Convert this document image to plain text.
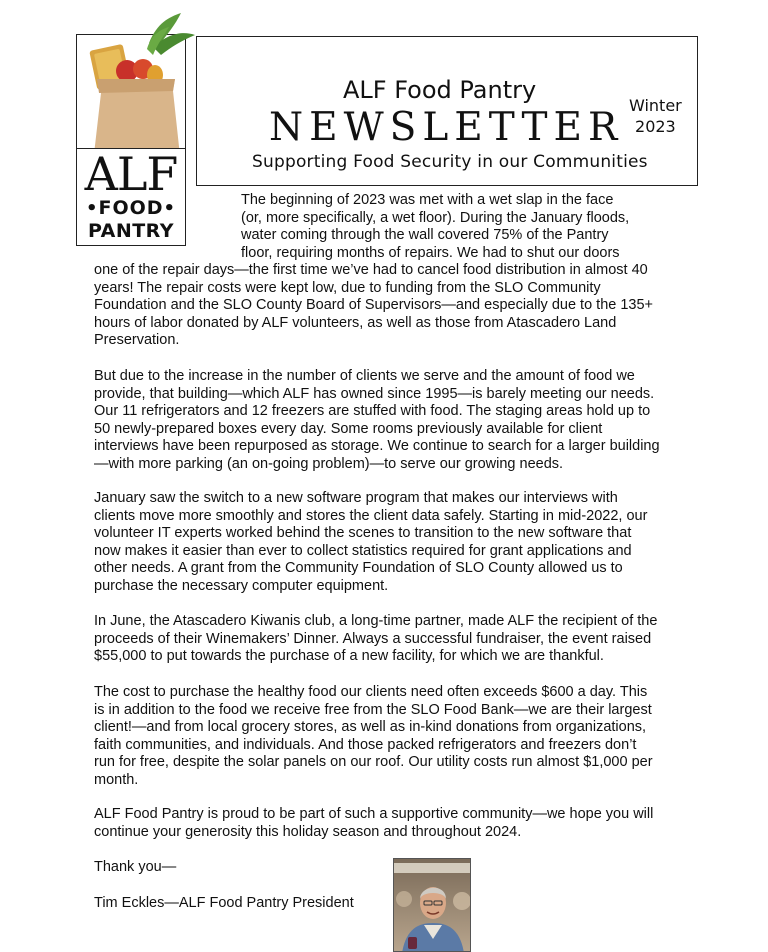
ALF
•FOOD•
PANTRY
ALF Food Pantry
NEWSLETTER Winter
2023
Supporting Food Security in our Communities
The beginning of 2023 was met with a wet slap in the face
(or, more specifically, a wet floor). During the January floods,
water coming through the wall covered 75% of the Pantry
floor, requiring months of repairs. We had to shut our doors
one of the repair days—the first time we’ve had to cancel food distribution in almost 40
years! The repair costs were kept low, due to funding from the SLO Community
Foundation and the SLO County Board of Supervisors—and especially due to the 135+
hours of labor donated by ALF volunteers, as well as those from Atascadero Land
Preservation.
But due to the increase in the number of clients we serve and the amount of food we
provide, that building—which ALF has owned since 1995—is barely meeting our needs.
Our 11 refrigerators and 12 freezers are stuffed with food. The staging areas hold up to
50 newly-prepared boxes every day. Some rooms previously available for client
interviews have been repurposed as storage. We continue to search for a larger building
—with more parking (an on-going problem)—to serve our growing needs.
January saw the switch to a new software program that makes our interviews with
clients move more smoothly and stores the client data safely. Starting in mid-2022, our
volunteer IT experts worked behind the scenes to transition to the new software that
now makes it easier than ever to collect statistics required for grant applications and
other needs. A grant from the Community Foundation of SLO County allowed us to
purchase the necessary computer equipment.
In June, the Atascadero Kiwanis club, a long-time partner, made ALF the recipient of the
proceeds of their Winemakers’ Dinner. Always a successful fundraiser, the event raised
$55,000 to put towards the purchase of a new facility, for which we are thankful.
The cost to purchase the healthy food our clients need often exceeds $600 a day. This
is in addition to the food we receive free from the SLO Food Bank—we are their largest
client!—and from local grocery stores, as well as in-kind donations from organizations,
faith communities, and individuals. And those packed refrigerators and freezers don’t
run for free, despite the solar panels on our roof. Our utility costs run almost $1,000 per
month.
ALF Food Pantry is proud to be part of such a supportive community—we hope you will
continue your generosity this holiday season and throughout 2024.
Thank you—
Tim Eckles—ALF Food Pantry President
